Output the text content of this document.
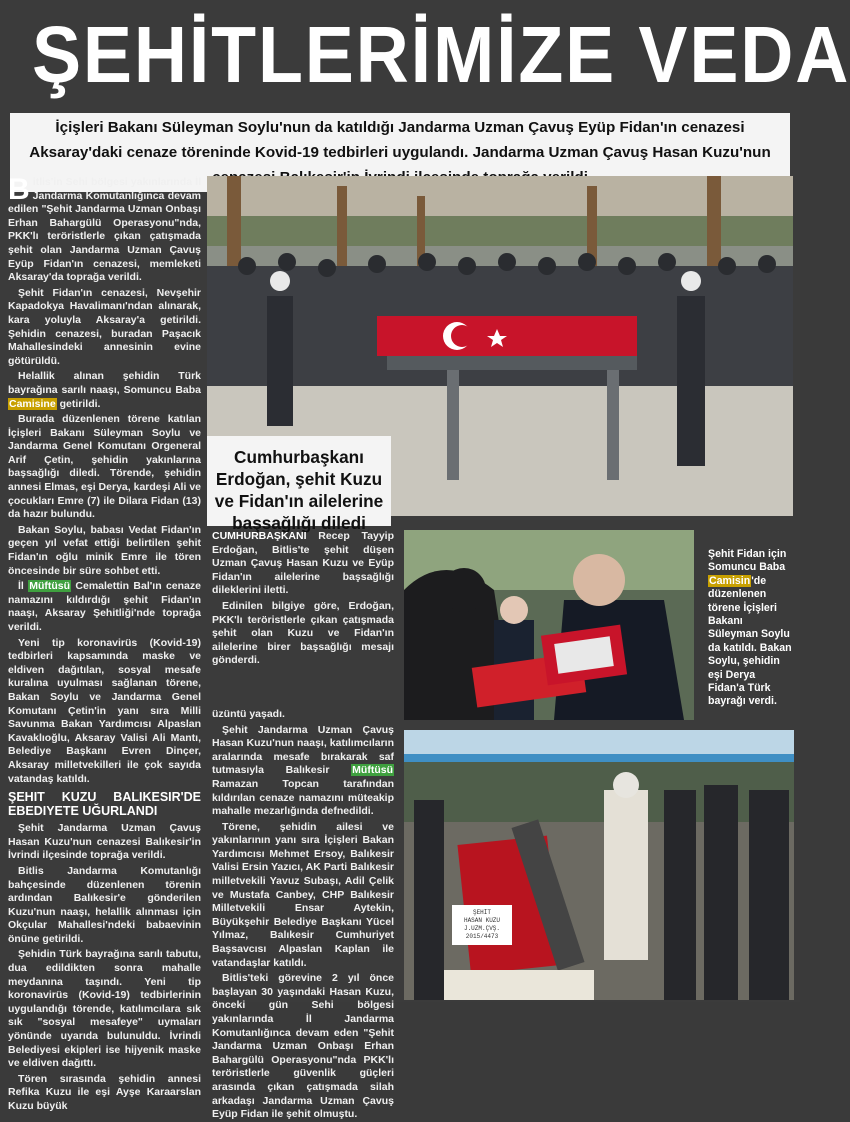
ŞEHİTLERİMİZE VEDA
İçişleri Bakanı Süleyman Soylu'nun da katıldığı Jandarma Uzman Çavuş Eyüp Fidan'ın cenazesi Aksaray'daki cenaze töreninde Kovid-19 tedbirleri uygulandı. Jandarma Uzman Çavuş Hasan Kuzu'nun

Bitlis'in Sehi bölgesi yakınlarında İl Jandarma Komutanlığınca devam edilen "Şehit Jandarma Uzman Onbaşı Erhan Bahargülü Operasyonu"nda, PKK'lı teröristlerle çıkan çatışmada şehit olan Jandarma Uzman Çavuş Eyüp Fidan'ın cenazesi, memleketi Aksaray'da toprağa verildi.

Şehit Fidan'ın cenazesi, Nevşehir Kapadokya Havalimanı'ndan alınarak, kara yoluyla Aksaray'a getirildi. Şehidin cenazesi, buradan Paşacık Mahallesindeki annesinin evine götürüldü.

Helallik alınan şehidin Türk bayrağına sarılı naaşı, Somuncu Baba Camisine getirildi.

Burada düzenlenen törene katılan İçişleri Bakanı Süleyman Soylu ve Jandarma Genel Komutanı Orgeneral Arif Çetin, şehidin yakınlarına başsağlığı diledi. Törende, şehidin annesi Elmas, eşi Derya, kardeşi Ali ve çocukları Emre (7) ile Dilara Fidan (13) da hazır bulundu.

Bakan Soylu, babası Vedat Fidan'ın geçen yıl vefat ettiği belirtilen şehit Fidan'ın oğlu minik Emre ile tören öncesinde bir süre sohbet etti.

İl Müftüsü Cemalettin Bal'ın cenaze namazını kıldırdığı şehit Fidan'ın naaşı, Aksaray Şehitliği'nde toprağa verildi.

Yeni tip koronavirüs (Kovid-19) tedbirleri kapsamında maske ve eldiven dağıtılan, sosyal mesafe kuralına uyulması sağlanan törene, Bakan Soylu ve Jandarma Genel Komutanı Çetin'in yanı sıra Milli Savunma Bakan Yardımcısı Alpaslan Kavaklıoğlu, Aksaray Valisi Ali Mantı, Belediye Başkanı Evren Dinçer, Aksaray milletvekilleri ile çok sayıda vatandaş katıldı.

ŞEHIT KUZU BALIKESIR'DE EBEDIYETE UĞURLANDI

Şehit Jandarma Uzman Çavuş Hasan Kuzu'nun cenazesi Balıkesir'in İvrindi ilçesinde toprağa verildi.

Bitlis Jandarma Komutanlığı bahçesinde düzenlenen törenin ardından Balıkesir'e gönderilen Kuzu'nun naaşı, helallik alınması için Okçular Mahallesi'ndeki babaevinin önüne getirildi.

Şehidin Türk bayrağına sarılı tabutu, dua edildikten sonra mahalle meydanına taşındı. Yeni tip koronavirüs (Kovid-19) tedbirlerinin uygulandığı törende, katılımcılara sık sık "sosyal mesafeye" uymaları yönünde uyarıda bulunuldu. İvrindi Belediyesi ekipleri ise hijyenik maske ve eldiven dağıttı.

Tören sırasında şehidin annesi Refika Kuzu ile eşi Ayşe Karaarslan Kuzu büyük

Cumhurbaşkanı Erdoğan, şehit Kuzu ve Fidan'ın ailelerine başsağlığı diledi

CUMHURBAŞKANI Recep Tayyip Erdoğan, Bitlis'te şehit düşen Uzman Çavuş Hasan Kuzu ve Eyüp Fidan'ın ailelerine başsağlığı dileklerini iletti.

Edinilen bilgiye göre, Erdoğan, PKK'lı teröristlerle çıkan çatışmada şehit olan Kuzu ve Fidan'ın ailelerine birer başsağlığı mesajı gönderdi.

üzüntü yaşadı.

Şehit Jandarma Uzman Çavuş Hasan Kuzu'nun naaşı, katılımcıların aralarında mesafe bırakarak saf tutmasıyla Balıkesir Müftüsü Ramazan Topcan tarafından kıldırılan cenaze namazını müteakip mahalle mezarlığında defnedildi.

Törene, şehidin ailesi ve yakınlarının yanı sıra İçişleri Bakan Yardımcısı Mehmet Ersoy, Balıkesir Valisi Ersin Yazıcı, AK Parti Balıkesir milletvekili Yavuz Subaşı, Adil Çelik ve Mustafa Canbey, CHP Balıkesir Milletvekili Ensar Aytekin, Büyükşehir Belediye Başkanı Yücel Yılmaz, Balıkesir Cumhuriyet Başsavcısı Alpaslan Kaplan ile vatandaşlar katıldı.

Bitlis'teki görevine 2 yıl önce başlayan 30 yaşındaki Hasan Kuzu, önceki gün Sehi bölgesi yakınlarında İl Jandarma Komutanlığınca devam eden "Şehit Jandarma Uzman Onbaşı Erhan Bahargülü Operasyonu"nda PKK'lı teröristlerle güvenlik güçleri arasında çıkan çatışmada silah arkadaşı Jandarma Uzman Çavuş Eyüp Fidan ile şehit olmuştu.

Şehit Fidan için Somuncu Baba Camisin'de düzenlenen törene İçişleri Bakanı Süleyman Soylu da katıldı. Bakan Soylu, şehidin eşi Derya Fidan'a Türk bayrağı verdi.
ŞEHİT
HASAN KUZU
J.UZM.ÇVŞ.
2015/4473
